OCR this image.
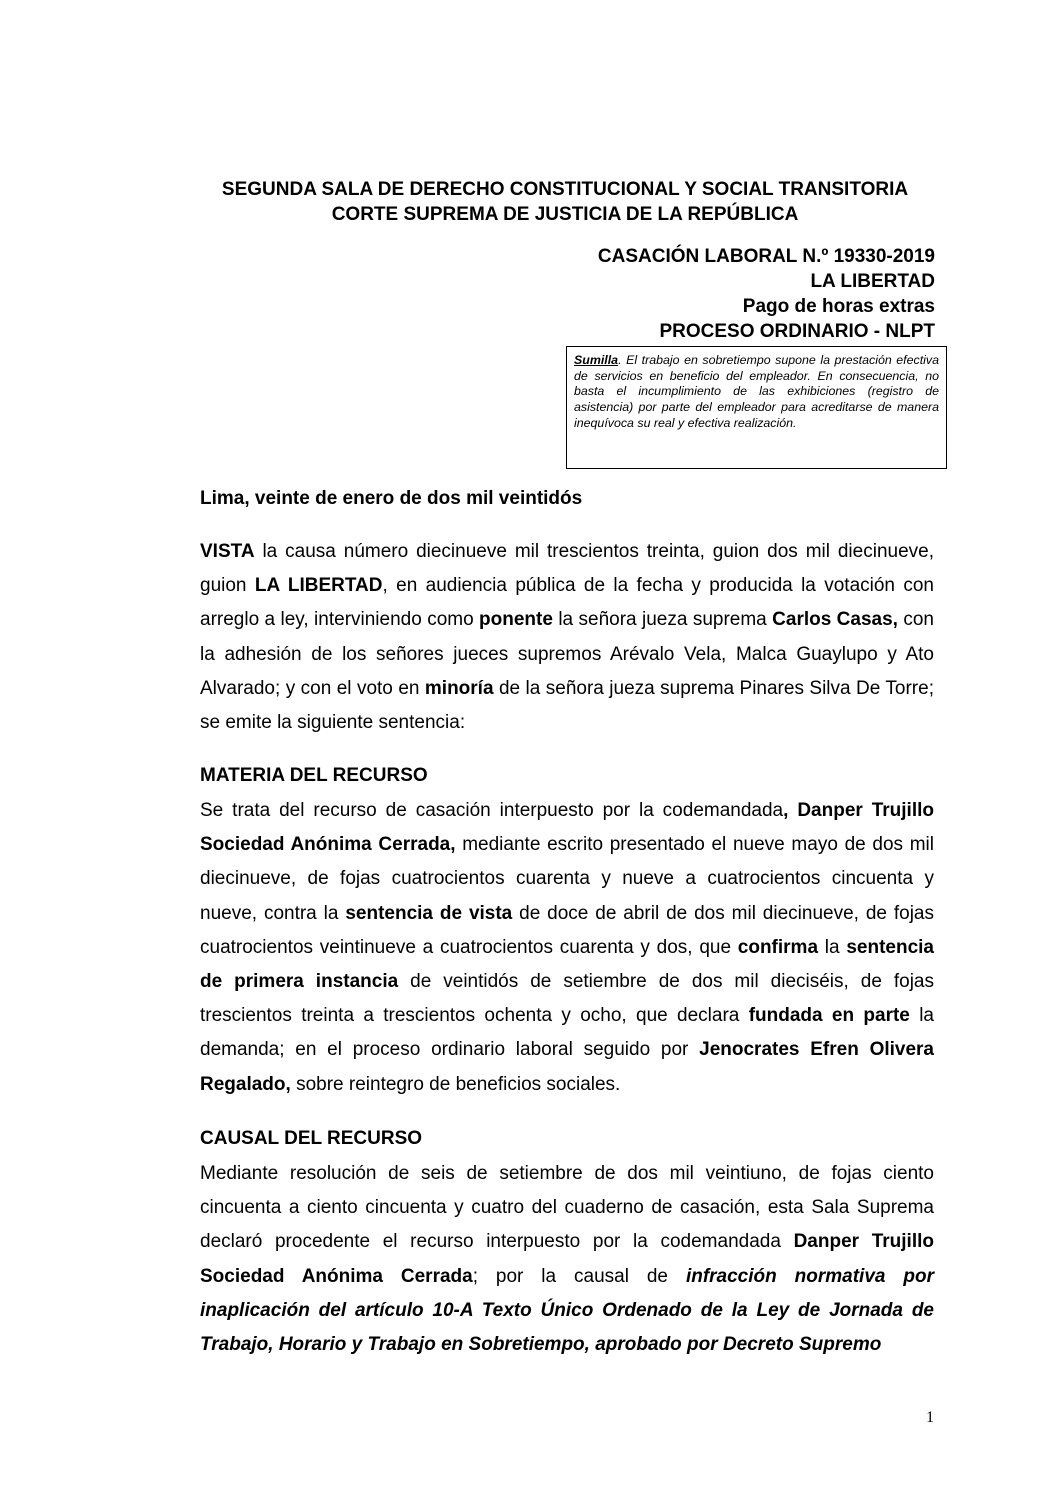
SEGUNDA SALA DE DERECHO CONSTITUCIONAL Y SOCIAL TRANSITORIA
CORTE SUPREMA DE JUSTICIA DE LA REPÚBLICA
CASACIÓN LABORAL N.º 19330-2019
LA LIBERTAD
Pago de horas extras
PROCESO ORDINARIO - NLPT
Sumilla. El trabajo en sobretiempo supone la prestación efectiva de servicios en beneficio del empleador. En consecuencia, no basta el incumplimiento de las exhibiciones (registro de asistencia) por parte del empleador para acreditarse de manera inequívoca su real y efectiva realización.
Lima, veinte de enero de dos mil veintidós
VISTA la causa número diecinueve mil trescientos treinta, guion dos mil diecinueve, guion LA LIBERTAD, en audiencia pública de la fecha y producida la votación con arreglo a ley, interviniendo como ponente la señora jueza suprema Carlos Casas, con la adhesión de los señores jueces supremos Arévalo Vela, Malca Guaylupo y Ato Alvarado; y con el voto en minoría de la señora jueza suprema Pinares Silva De Torre; se emite la siguiente sentencia:
MATERIA DEL RECURSO
Se trata del recurso de casación interpuesto por la codemandada, Danper Trujillo Sociedad Anónima Cerrada, mediante escrito presentado el nueve mayo de dos mil diecinueve, de fojas cuatrocientos cuarenta y nueve a cuatrocientos cincuenta y nueve, contra la sentencia de vista de doce de abril de dos mil diecinueve, de fojas cuatrocientos veintinueve a cuatrocientos cuarenta y dos, que confirma la sentencia de primera instancia de veintidós de setiembre de dos mil dieciséis, de fojas trescientos treinta a trescientos ochenta y ocho, que declara fundada en parte la demanda; en el proceso ordinario laboral seguido por Jenocrates Efren Olivera Regalado, sobre reintegro de beneficios sociales.
CAUSAL DEL RECURSO
Mediante resolución de seis de setiembre de dos mil veintiuno, de fojas ciento cincuenta a ciento cincuenta y cuatro del cuaderno de casación, esta Sala Suprema declaró procedente el recurso interpuesto por la codemandada Danper Trujillo Sociedad Anónima Cerrada; por la causal de infracción normativa por inaplicación del artículo 10-A Texto Único Ordenado de la Ley de Jornada de Trabajo, Horario y Trabajo en Sobretiempo, aprobado por Decreto Supremo
1
